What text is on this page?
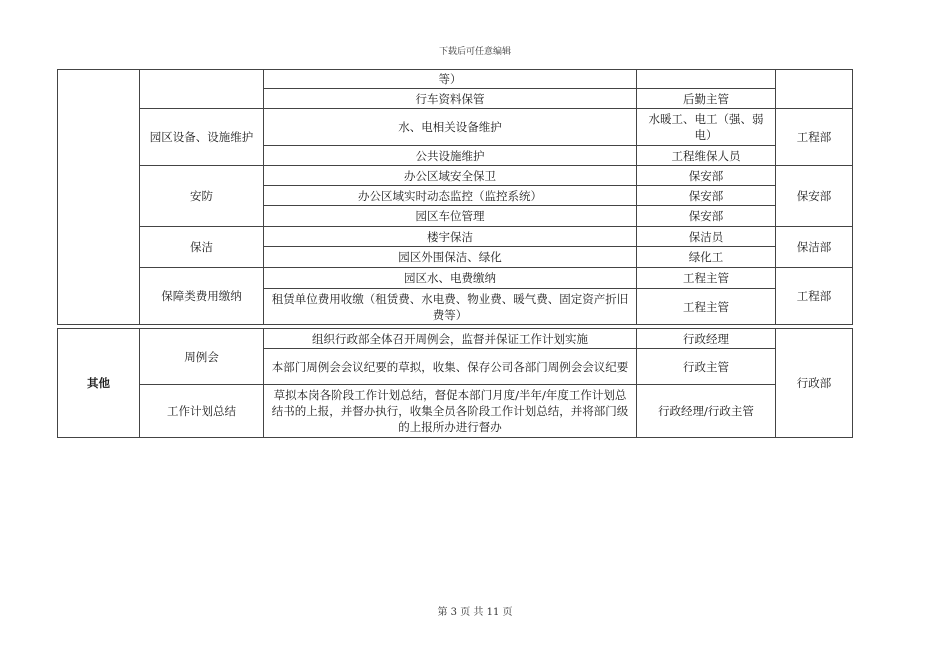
下载后可任意编辑
		等）		
		行车资料保管	后勤主管	
	园区设备、设施维护	水、电相关设备维护	水暖工、电工（强、弱电）	工程部
		公共设施维护	工程维保人员	
	安防	办公区域安全保卫	保安部	保安部
		办公区域实时动态监控（监控系统）	保安部	
		园区车位管理	保安部	
	保洁	楼宇保洁	保洁员	保洁部
		园区外围保洁、绿化	绿化工	
	保障类费用缴纳	园区水、电费缴纳	工程主管	工程部
		租赁单位费用收缴（租赁费、水电费、物业费、暖气费、固定资产折旧费等）	工程主管	
其他	周例会	组织行政部全体召开周例会，监督并保证工作计划实施	行政经理	行政部
		本部门周例会会议纪要的草拟，收集、保存公司各部门周例会会议纪要	行政主管	
	工作计划总结	草拟本岗各阶段工作计划总结，督促本部门月度/半年/年度工作计划总结书的上报，并督办执行，收集全员各阶段工作计划总结，并将部门级的上报所办进行督办	行政经理/行政主管	
第 3 页 共 11 页
